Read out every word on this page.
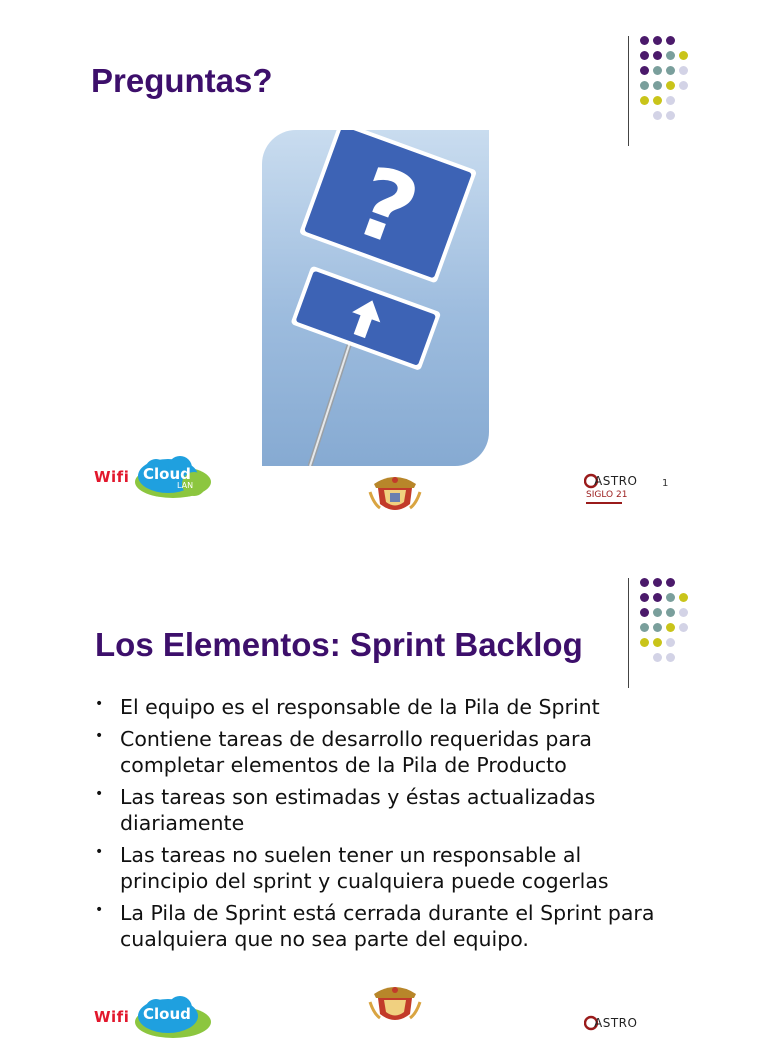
Preguntas?
?
Wifi Cloud
LAN	ASTRO
SIGLO 21
1
Los Elementos: Sprint Backlog
• El equipo es el responsable de la Pila de Sprint
• Contiene tareas de desarrollo requeridas para completar elementos de la Pila de Producto
• Las tareas son estimadas y éstas actualizadas diariamente
• Las tareas no suelen tener un responsable al principio del sprint y cualquiera puede cogerlas
• La Pila de Sprint está cerrada durante el Sprint para cualquiera que no sea parte del equipo.
Wifi Cloud	ASTRO
